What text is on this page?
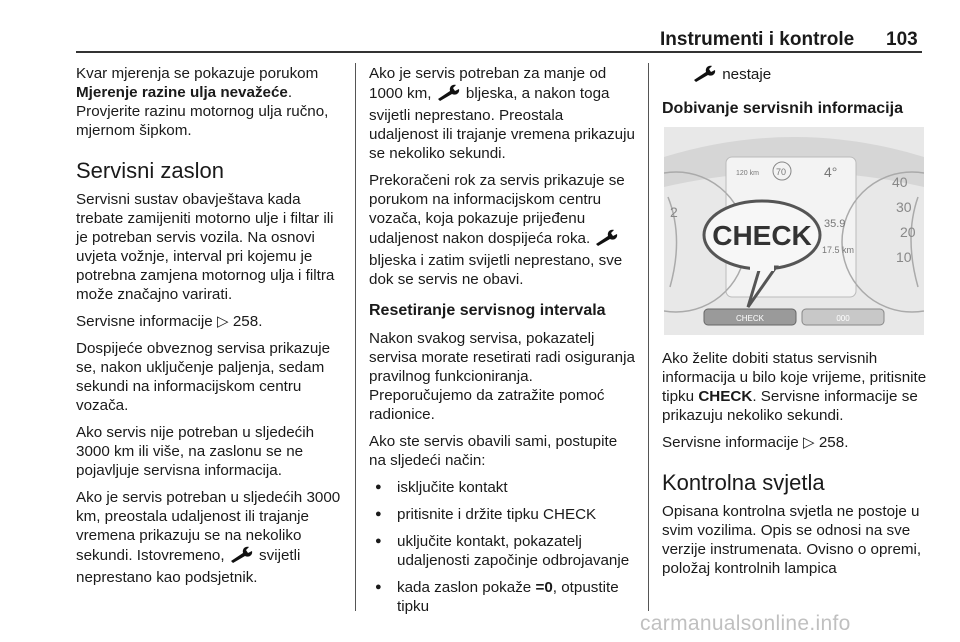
Instrumenti i kontrole 103

Kvar mjerenja se pokazuje porukom Mjerenje razine ulja nevažeće. Provjerite razinu motornog ulja ručno, mjernom šipkom.

Servisni zaslon

Servisni sustav obavještava kada trebate zamijeniti motorno ulje i filtar ili je potreban servis vozila. Na osnovi uvjeta vožnje, interval pri kojemu je potrebna zamjena motornog ulja i filtra može značajno varirati.

Servisne informacije ▷ 258.

Dospijeće obveznog servisa prikazuje se, nakon uključenje paljenja, sedam sekundi na informacijskom centru vozača.

Ako servis nije potreban u sljedećih 3000 km ili više, na zaslonu se ne pojavljuje servisna informacija.

Ako je servis potreban u sljedećih 3000 km, preostala udaljenost ili trajanje vremena prikazuju se na nekoliko sekundi. Istovremeno,  svijetli neprestano kao podsjetnik.

Ako je servis potreban za manje od 1000 km,  bljeska, a nakon toga svijetli neprestano. Preostala udaljenost ili trajanje vremena prikazuju se nekoliko sekundi.

Prekoračeni rok za servis prikazuje se porukom na informacijskom centru vozača, koja pokazuje prijeđenu udaljenost nakon dospijeća roka.  bljeska i zatim svijetli neprestano, sve dok se servis ne obavi.

Resetiranje servisnog intervala

Nakon svakog servisa, pokazatelj servisa morate resetirati radi osiguranja pravilnog funkcioniranja. Preporučujemo da zatražite pomoć radionice.

Ako ste servis obavili sami, postupite na sljedeći način:

● isključite kontakt
● pritisnite i držite tipku CHECK
● uključite kontakt, pokazatelj udaljenosti započinje odbrojavanje
● kada zaslon pokaže =0, otpustite tipku

nestaje

Dobivanje servisnih informacija
40
30
20
10
2
120 km 70	4°
35.9
17.5 km
CHECK
CHECK	000

Ako želite dobiti status servisnih informacija u bilo koje vrijeme, pritisnite tipku CHECK. Servisne informacije se prikazuju nekoliko sekundi.

Servisne informacije ▷ 258.

Kontrolna svjetla

Opisana kontrolna svjetla ne postoje u svim vozilima. Opis se odnosi na sve verzije instrumenata. Ovisno o opremi, položaj kontrolnih lampica

carmanualsonline.info
